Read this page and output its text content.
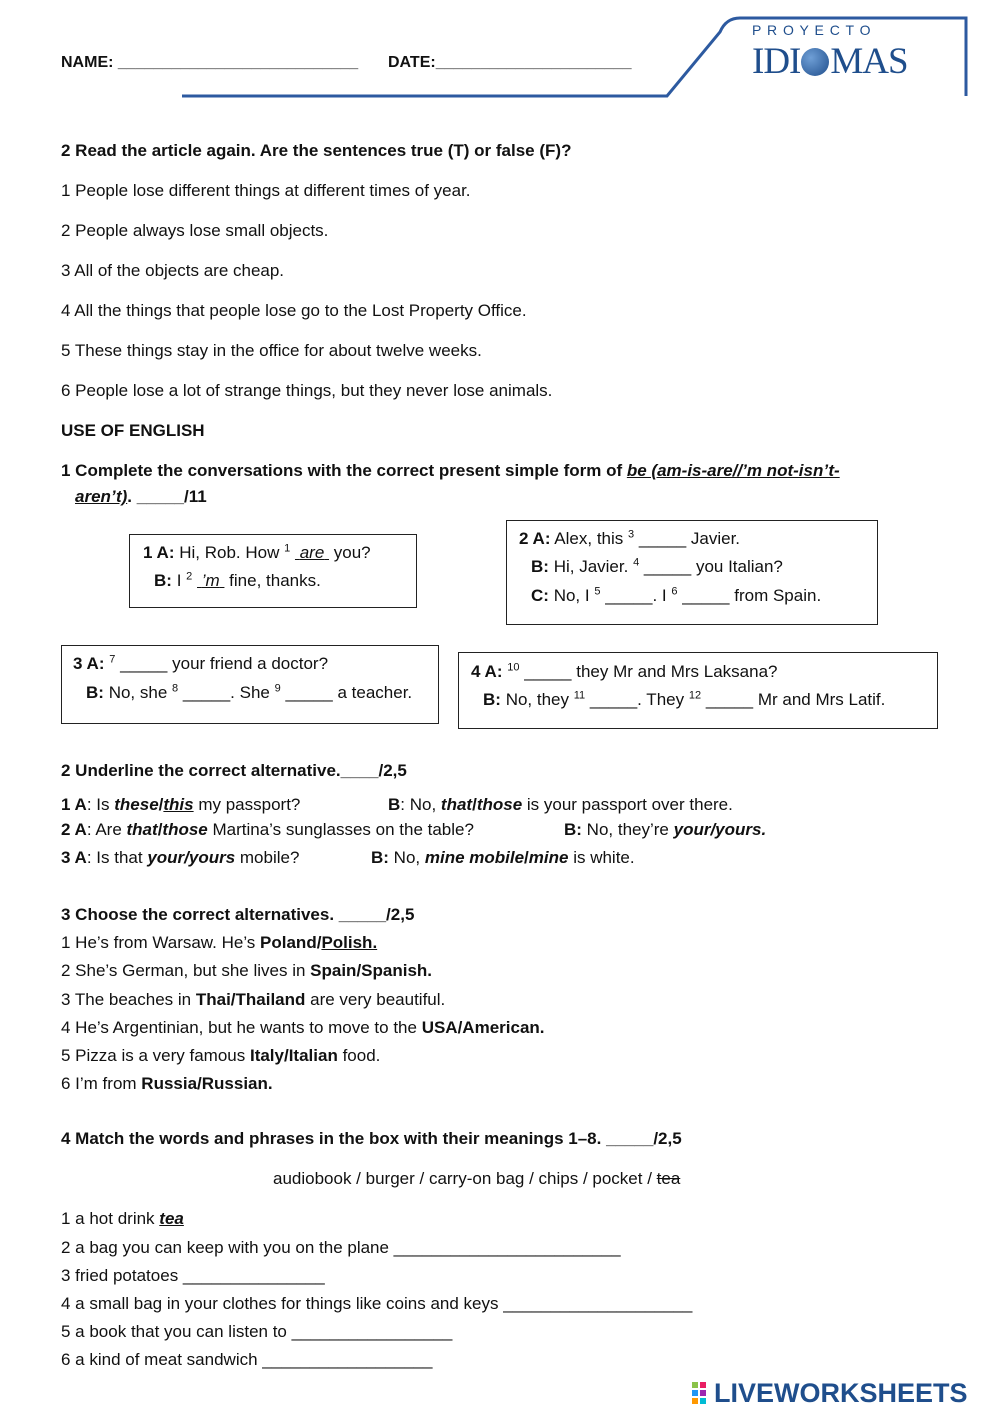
NAME: ___________________________ DATE:______________________
P R O Y E C T O
IDI MAS
2 Read the article again. Are the sentences true (T) or false (F)?
1 People lose different things at different times of year.
2 People always lose small objects.
3 All of the objects are cheap.
4 All the things that people lose go to the Lost Property Office.
5 These things stay in the office for about twelve weeks.
6 People lose a lot of strange things, but they never lose animals.
USE OF ENGLISH
1 Complete the conversations with the correct present simple form of be (am-is-are//’m not-isn’t-
aren’t). _____/11
1 A: Hi, Rob. How $^1$ are you?
B: I $^2$ ’m fine, thanks.
2 A: Alex, this $^3$ _____ Javier.
B: Hi, Javier. $^4$ _____ you Italian?
C: No, I $^5$ _____. I $^6$ _____ from Spain.
3 A: $^7$ _____ your friend a doctor?
B: No, she $^8$ _____. She $^9$ _____ a teacher.
4 A: $^{10}$ _____ they Mr and Mrs Laksana?
B: No, they $^{11}$ _____. They $^{12}$ _____ Mr and Mrs Latif.
2 Underline the correct alternative.____/2,5
1 A: Is these/this my passport?	B: No, that/those is your passport over there.
2 A: Are that/those Martina’s sunglasses on the table?	B: No, they’re your/yours.
3 A: Is that your/yours mobile?	B: No, mine mobile/mine is white.
3 Choose the correct alternatives. _____/2,5
1 He’s from Warsaw. He’s Poland/Polish.
2 She’s German, but she lives in Spain/Spanish.
3 The beaches in Thai/Thailand are very beautiful.
4 He’s Argentinian, but he wants to move to the USA/American.
5 Pizza is a very famous Italy/Italian food.
6 I’m from Russia/Russian.
4 Match the words and phrases in the box with their meanings 1–8. _____/2,5
audiobook / burger / carry-on bag / chips / pocket / tea
1 a hot drink tea
2 a bag you can keep with you on the plane ________________________
3 fried potatoes _______________
4 a small bag in your clothes for things like coins and keys ____________________
5 a book that you can listen to _________________
6 a kind of meat sandwich __________________
LIVEWORKSHEETS
